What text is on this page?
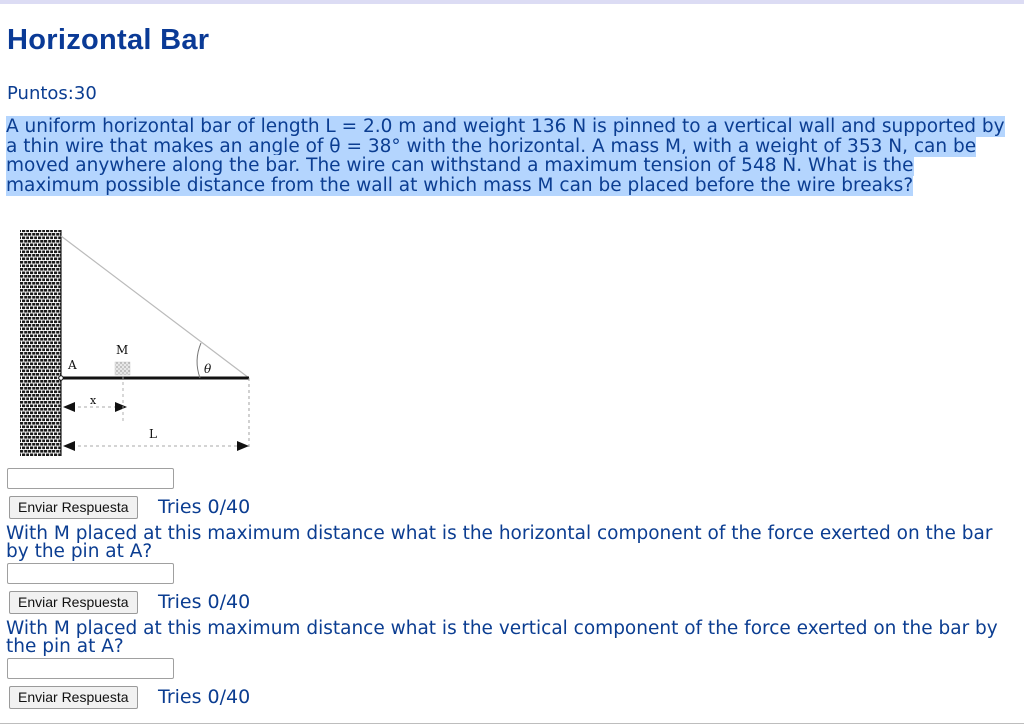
Horizontal Bar
Puntos:30
A uniform horizontal bar of length L = 2.0 m and weight 136 N is pinned to a vertical wall and supported by a thin wire that makes an angle of θ = 38° with the horizontal. A mass M, with a weight of 353 N, can be moved anywhere along the bar. The wire can withstand a maximum tension of 548 N. What is the maximum possible distance from the wall at which mass M can be placed before the wire breaks?
A
M
θ
x
L
Enviar Respuesta	Tries 0/40
With M placed at this maximum distance what is the horizontal component of the force exerted on the bar by the pin at A?
Enviar Respuesta	Tries 0/40
With M placed at this maximum distance what is the vertical component of the force exerted on the bar by the pin at A?
Enviar Respuesta	Tries 0/40
